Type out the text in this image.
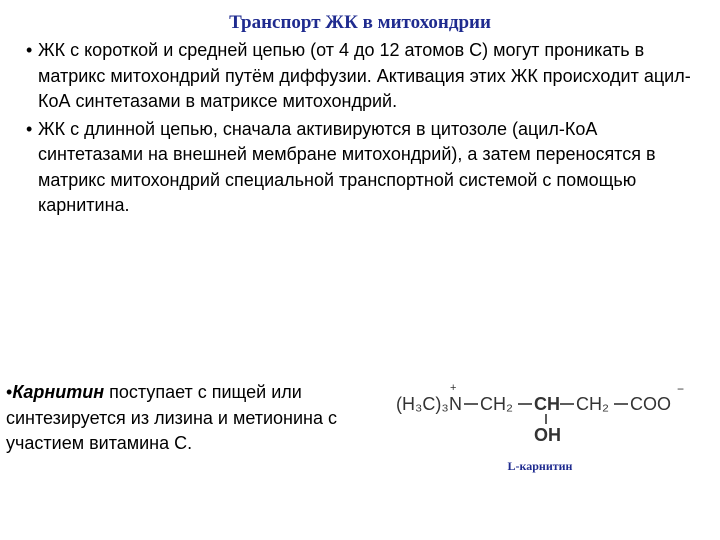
Транспорт ЖК в митохондрии
• ЖК с короткой и средней цепью (от 4 до 12 атомов С) могут проникать в матрикс митохондрий путём диффузии. Активация этих ЖК происходит ацил-КоА синтетазами в матриксе митохондрий.
• ЖК с длинной цепью, сначала активируются в цитозоле (ацил-КоА синтетазами на внешней мембране митохондрий), а затем переносятся в матрикс митохондрий специальной транспортной системой с помощью карнитина.
•Карнитин поступает с пищей или синтезируется из лизина и метионина с участием витамина С.
(H₃C)₃
+
N CH₂ CH CH₂ COO
−
OH
L-карнитин
